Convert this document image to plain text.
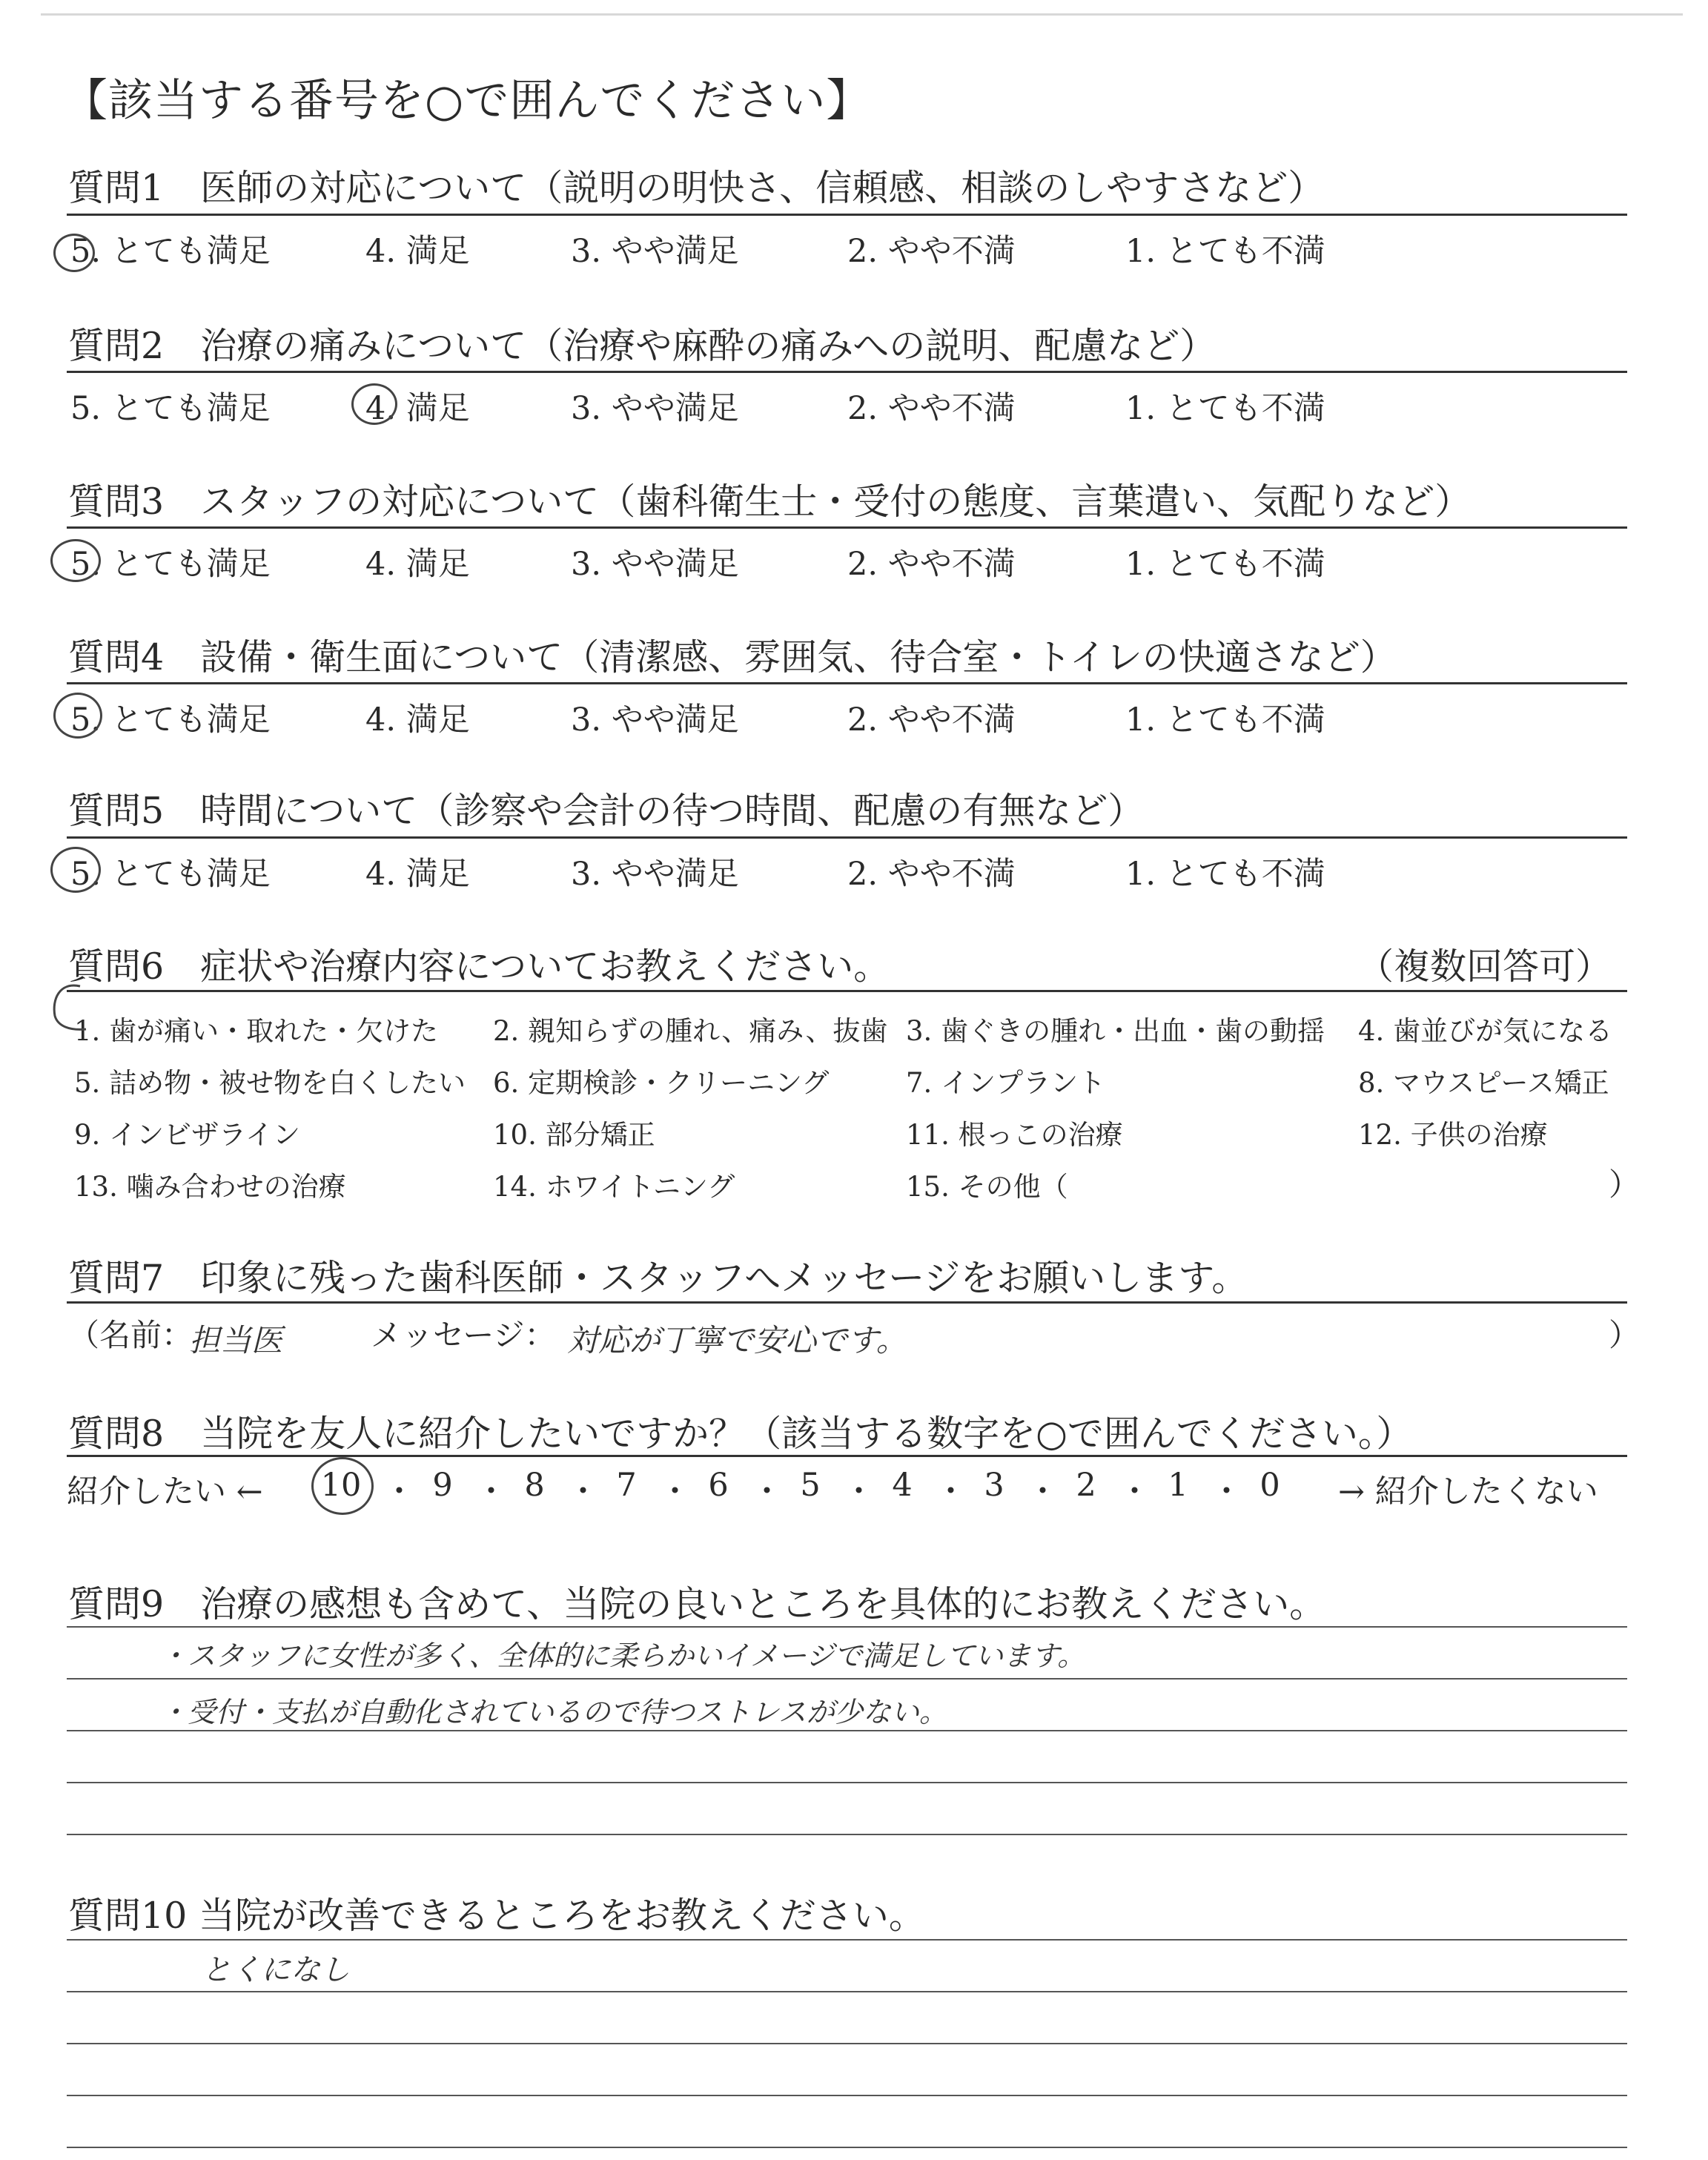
【該当する番号を○で囲んでください】
質問1　医師の対応について（説明の明快さ、信頼感、相談のしやすさなど）
5. とても満足	4. 満足	3. やや満足	2. やや不満	1. とても不満
質問2　治療の痛みについて（治療や麻酔の痛みへの説明、配慮など）
5. とても満足	4. 満足	3. やや満足	2. やや不満	1. とても不満
質問3　スタッフの対応について（歯科衛生士・受付の態度、言葉遣い、気配りなど）
5. とても満足	4. 満足	3. やや満足	2. やや不満	1. とても不満
質問4　設備・衛生面について（清潔感、雰囲気、待合室・トイレの快適さなど）
5. とても満足	4. 満足	3. やや満足	2. やや不満	1. とても不満
質問5　時間について（診察や会計の待つ時間、配慮の有無など）
5. とても満足	4. 満足	3. やや満足	2. やや不満	1. とても不満
質問6　症状や治療内容についてお教えください。	（複数回答可）
1. 歯が痛い・取れた・欠けた 2. 親知らずの腫れ、痛み、抜歯 3. 歯ぐきの腫れ・出血・歯の動揺 4. 歯並びが気になる
5. 詰め物・被せ物を白くしたい 6. 定期検診・クリーニング	7. インプラント	8. マウスピース矯正
9. インビザライン	10. 部分矯正	11. 根っこの治療	12. 子供の治療
13. 噛み合わせの治療	14. ホワイトニング	15. その他（	）
質問7　印象に残った歯科医師・スタッフへメッセージをお願いします。
（名前：
担当医	メッセージ： 対応が丁寧で安心です。	）
質問8　当院を友人に紹介したいですか？（該当する数字を○で囲んでください。）
紹介したい ← 10 ・ 9 ・ 8 ・ 7 ・ 6 ・ 5 ・ 4 ・ 3 ・ 2 ・ 1 ・ 0	→ 紹介したくない
質問9　治療の感想も含めて、当院の良いところを具体的にお教えください。
・スタッフに女性が多く、全体的に柔らかいイメージで満足しています。
・受付・支払が自動化されているので待つストレスが少ない。
質問10 当院が改善できるところをお教えください。
とくになし
